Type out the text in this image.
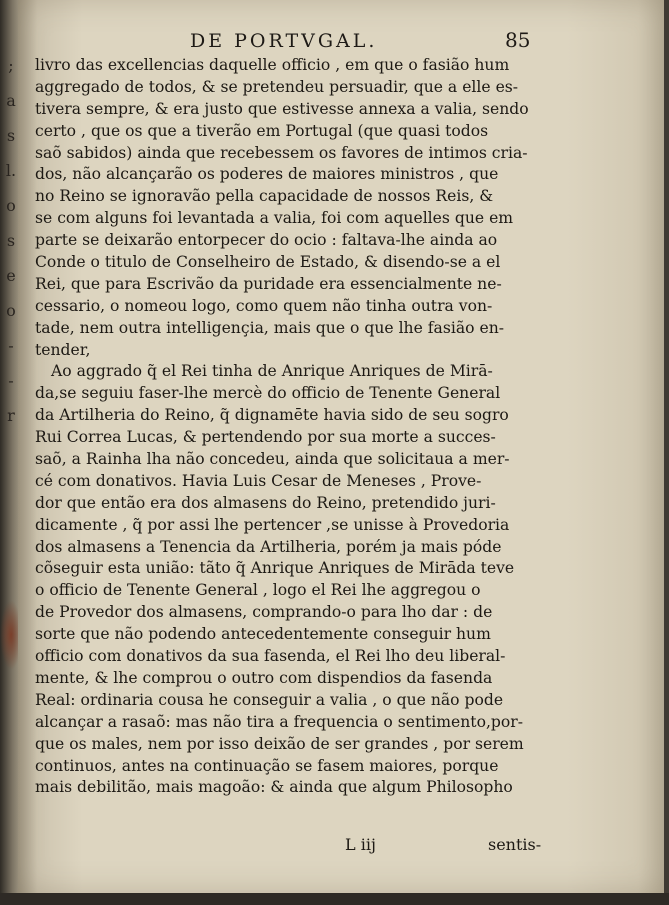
;
a
s
l.
o
s
e
o
-
-
r
DE PORTVGAL.	85
livro das excellencias daquelle officio , em que o fasião hum
aggregado de todos, & se pretendeu persuadir, que a elle es-
tivera sempre, & era justo que estivesse annexa a valia, sendo
certo , que os que a tiverão em Portugal (que quasi todos
saõ sabidos) ainda que recebessem os favores de intimos cria-
dos, não alcançarão os poderes de maiores ministros , que
no Reino se ignoravão pella capacidade de nossos Reis, &
se com alguns foi levantada a valia, foi com aquelles que em
parte se deixarão entorpecer do ocio : faltava-lhe ainda ao
Conde o titulo de Conselheiro de Estado, & disendo-se a el
Rei, que para Escrivão da puridade era essencialmente ne-
cessario, o nomeou logo, como quem não tinha outra von-
tade, nem outra intelligençia, mais que o que lhe fasião en-
tender,
Ao aggrado q̃ el Rei tinha de Anrique Anriques de Mirā-
da,se seguiu faser-lhe mercè do officio de Tenente General
da Artilheria do Reino, q̃ dignamēte havia sido de seu sogro
Rui Correa Lucas, & pertendendo por sua morte a succes-
saõ, a Rainha lha não concedeu, ainda que solicitaua a mer-
cé com donativos. Havia Luis Cesar de Meneses , Prove-
dor que então era dos almasens do Reino, pretendido juri-
dicamente , q̃ por assi lhe pertencer ,se unisse à Provedoria
dos almasens a Tenencia da Artilheria, porém ja mais póde
cõseguir esta união: tãto q̃ Anrique Anriques de Mirāda teve
o officio de Tenente General , logo el Rei lhe aggregou o
de Provedor dos almasens, comprando-o para lho dar : de
sorte que não podendo antecedentemente conseguir hum
officio com donativos da sua fasenda, el Rei lho deu liberal-
mente, & lhe comprou o outro com dispendios da fasenda
Real: ordinaria cousa he conseguir a valia , o que não pode
alcançar a rasaõ: mas não tira a frequencia o sentimento,por-
que os males, nem por isso deixão de ser grandes , por serem
continuos, antes na continuação se fasem maiores, porque
mais debilitão, mais magoão: & ainda que algum Philosopho
L iij	sentis-
